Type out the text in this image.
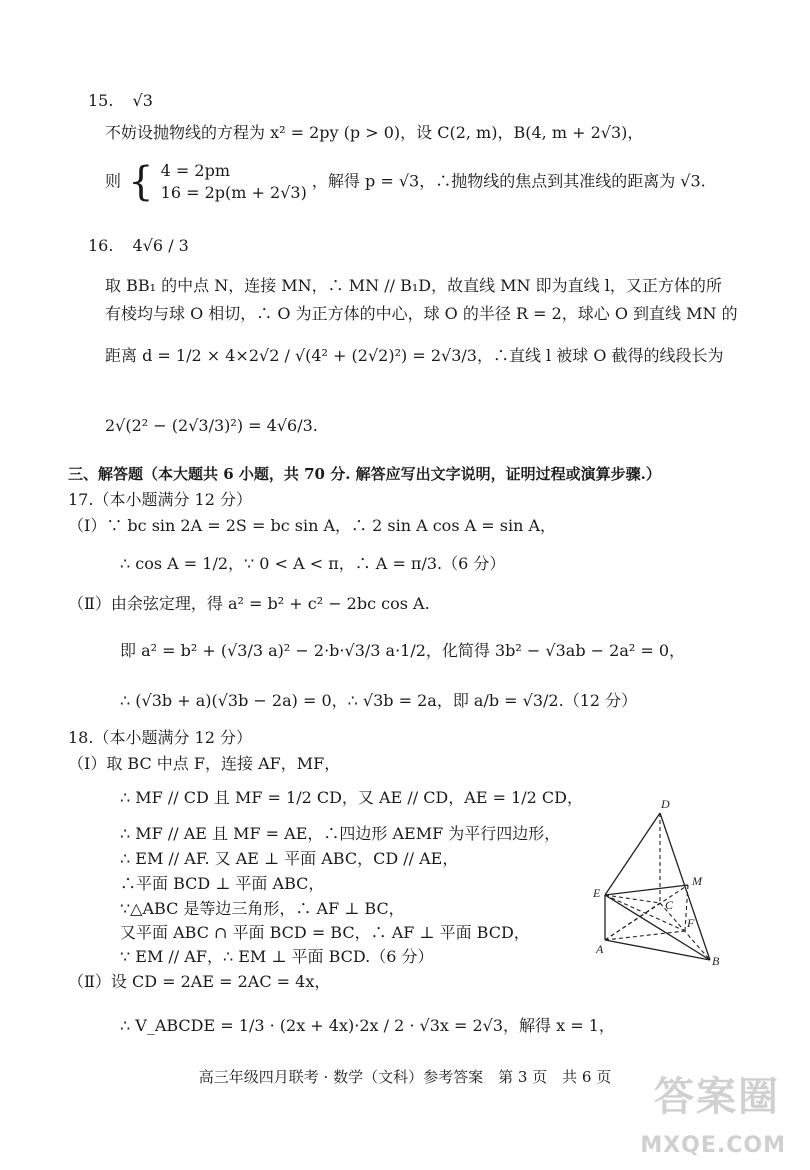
15. √3
不妨设抛物线的方程为 x² = 2py (p > 0)，设 C(2, m)，B(4, m + 2√3)，
则 { 4 = 2pm
16 = 2p(m + 2√3)
，解得 p = √3，∴抛物线的焦点到其准线的距离为 √3.
16. 4√6 / 3
取 BB₁ 的中点 N，连接 MN，∴ MN // B₁D，故直线 MN 即为直线 l，又正方体的所
有棱均与球 O 相切，∴ O 为正方体的中心，球 O 的半径 R = 2，球心 O 到直线 MN 的
距离 d = 1/2 × 4×2√2 / √(4² + (2√2)²) = 2√3/3，∴直线 l 被球 O 截得的线段长为
2√(2² − (2√3/3)²) = 4√6/3.
三、解答题（本大题共 6 小题，共 70 分. 解答应写出文字说明，证明过程或演算步骤.）
17.（本小题满分 12 分）
（Ⅰ）∵ bc sin 2A = 2S = bc sin A，∴ 2 sin A cos A = sin A，
∴ cos A = 1/2，∵ 0 < A < π，∴ A = π/3.（6 分）
（Ⅱ）由余弦定理，得 a² = b² + c² − 2bc cos A.
即 a² = b² + (√3/3 a)² − 2·b·√3/3 a·1/2，化简得 3b² − √3ab − 2a² = 0，
∴ (√3b + a)(√3b − 2a) = 0，∴ √3b = 2a，即 a/b = √3/2.（12 分）
18.（本小题满分 12 分）
（Ⅰ）取 BC 中点 F，连接 AF，MF，
∴ MF // CD 且 MF = 1/2 CD，又 AE // CD，AE = 1/2 CD，
∴ MF // AE 且 MF = AE，∴四边形 AEMF 为平行四边形，
∴ EM // AF. 又 AE ⊥ 平面 ABC，CD // AE，
∴平面 BCD ⊥ 平面 ABC，
∵△ABC 是等边三角形，∴ AF ⊥ BC，
又平面 ABC ∩ 平面 BCD = BC，∴ AF ⊥ 平面 BCD，
∵ EM // AF，∴ EM ⊥ 平面 BCD.（6 分）
（Ⅱ）设 CD = 2AE = 2AC = 4x，
∴ V_ABCDE = 1/3 · (2x + 4x)·2x / 2 · √3x = 2√3，解得 x = 1，
D
M
E
C
F
A
B
高三年级四月联考 · 数学（文科）参考答案　第 3 页　共 6 页	答案圈
MXQE.COM
